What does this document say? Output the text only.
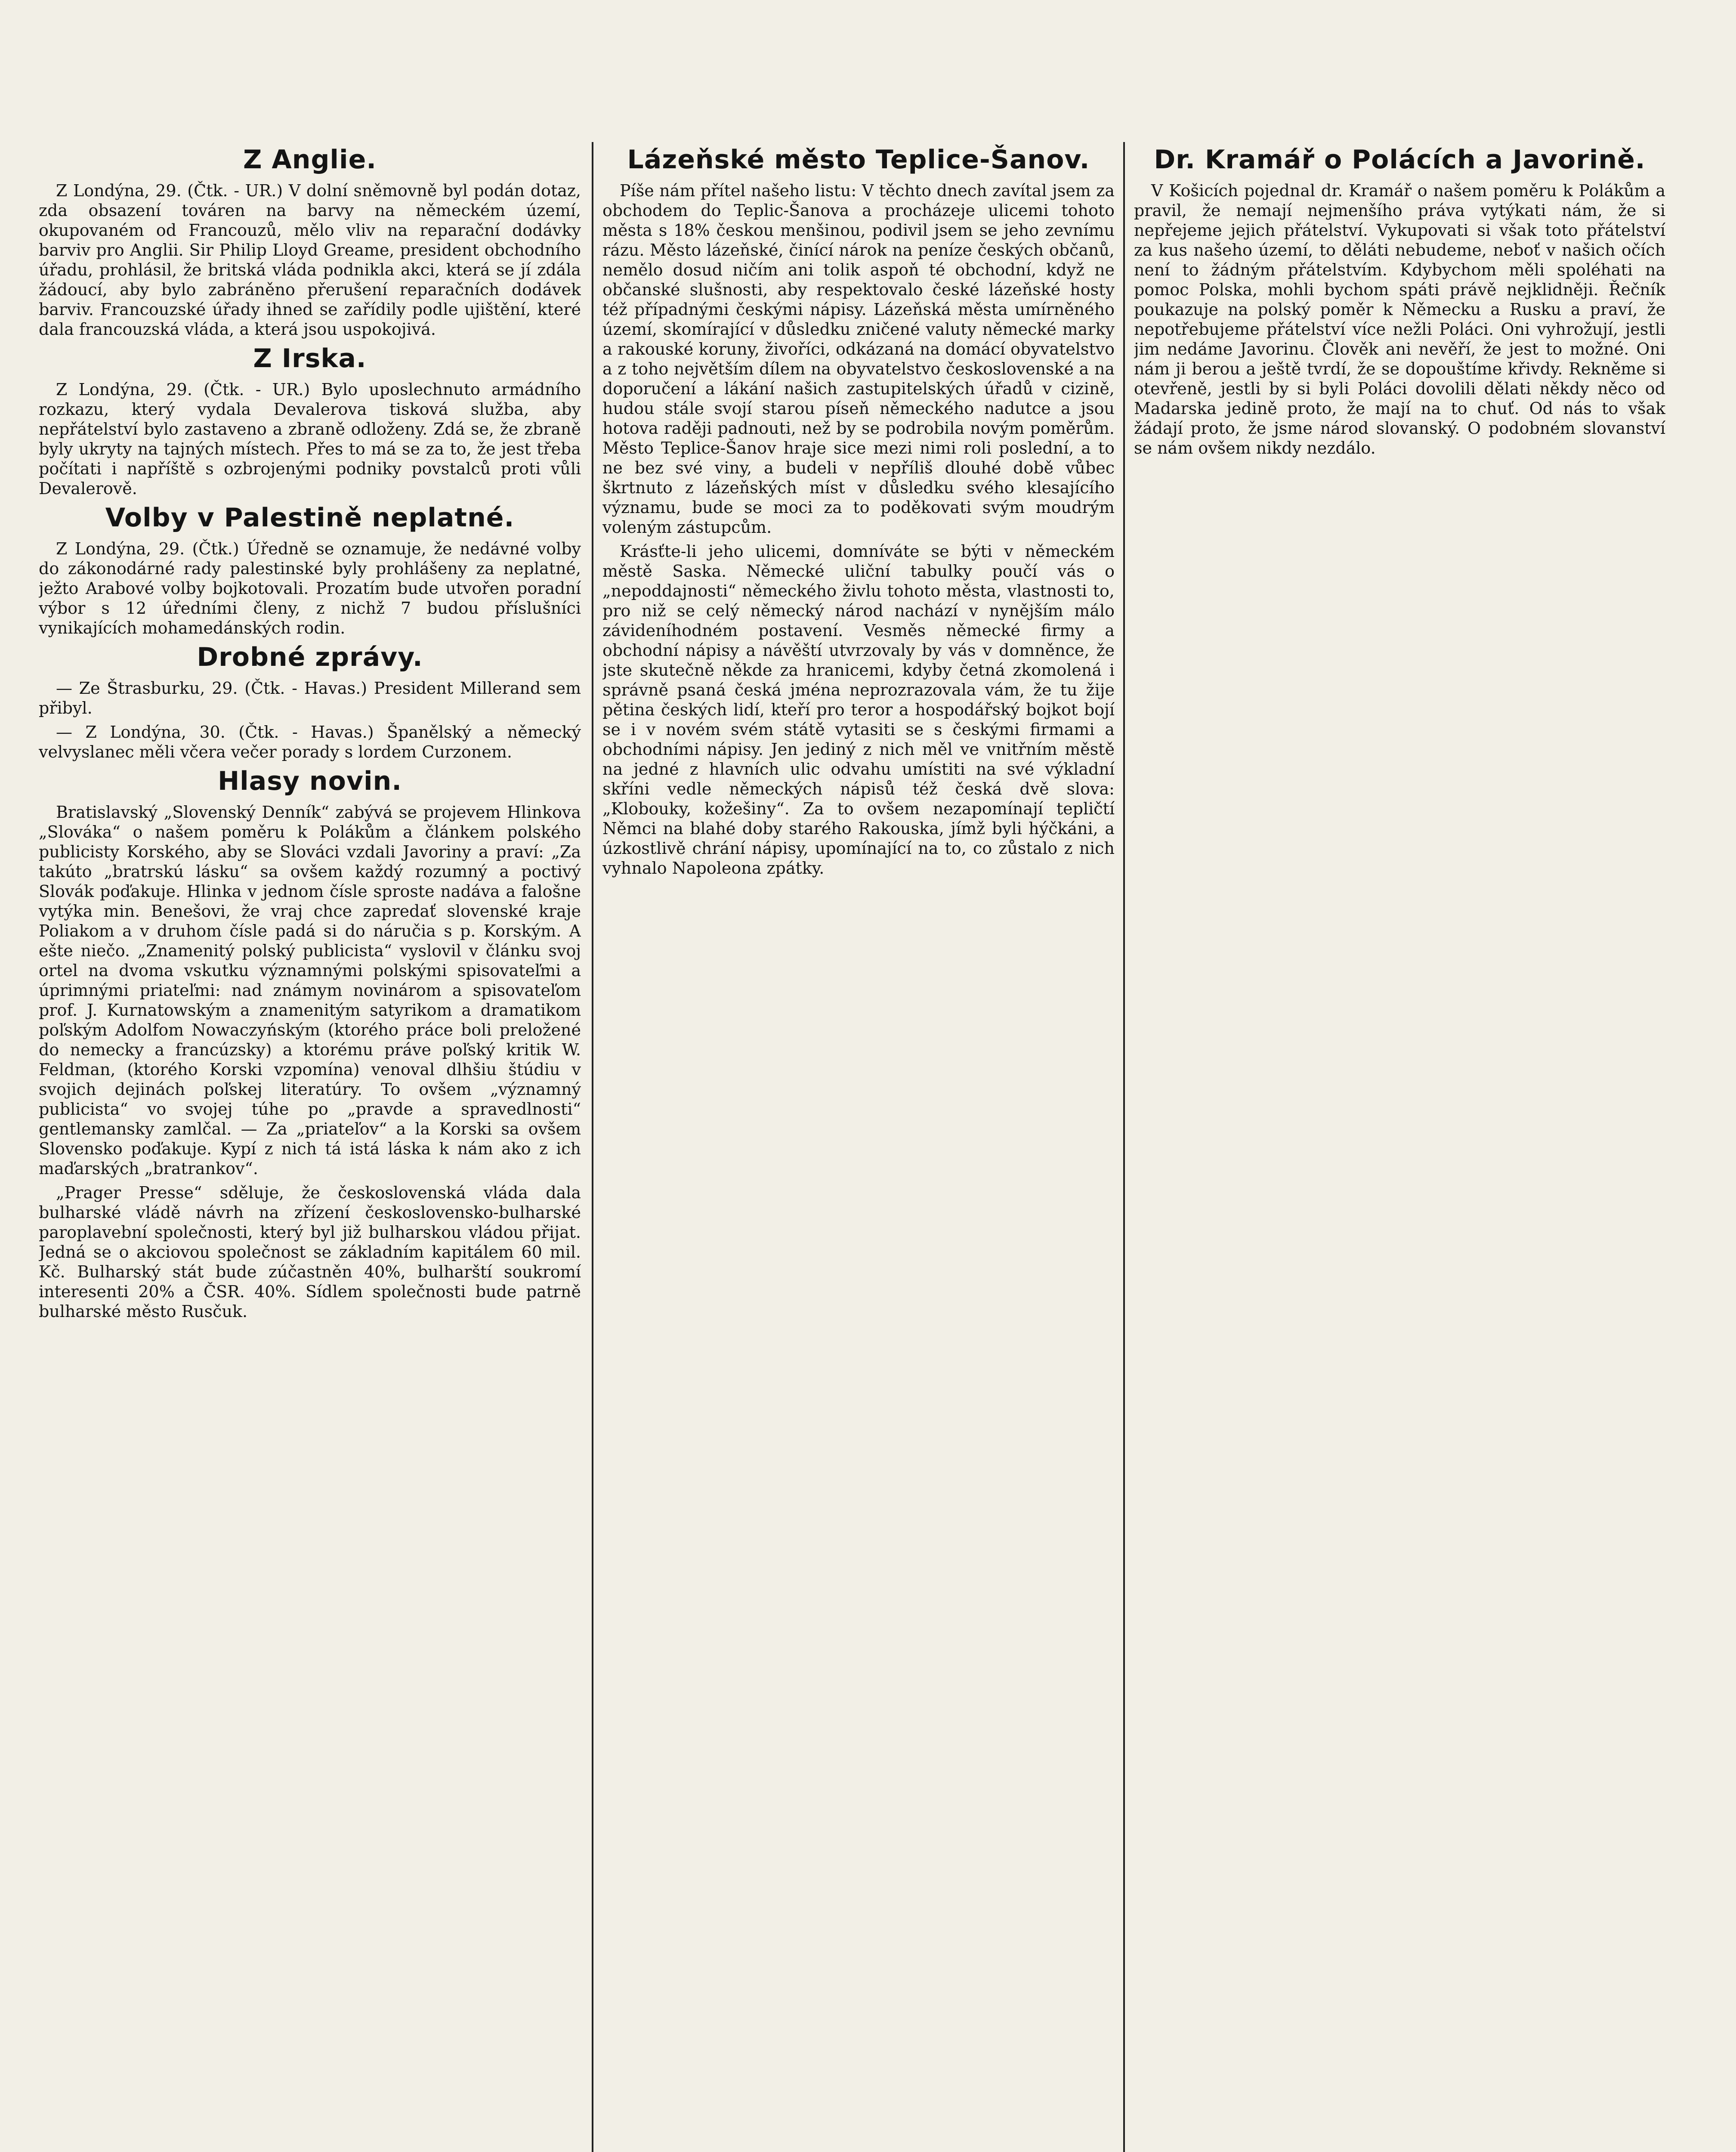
Z Anglie.

Z Londýna, 29. (Čtk. - UR.) V dolní sněmovně byl podán dotaz, zda obsazení továren na barvy na německém území, okupovaném od Francouzů, mělo vliv na reparační dodávky barviv pro Anglii. Sir Philip Lloyd Greame, president obchodního úřadu, prohlásil, že britská vláda podnikla akci, která se jí zdála žádoucí, aby bylo zabráněno přerušení reparačních dodávek barviv. Francouzské úřady ihned se zařídily podle ujištění, které dala francouzská vláda, a která jsou uspokojivá.

Z Irska.

Z Londýna, 29. (Čtk. - UR.) Bylo uposlechnuto armádního rozkazu, který vydala Devalerova tisková služba, aby nepřátelství bylo zastaveno a zbraně odloženy. Zdá se, že zbraně byly ukryty na tajných místech. Přes to má se za to, že jest třeba počítati i napříště s ozbrojenými podniky povstalců proti vůli Devalerově.

Volby v Palestině neplatné.

Z Londýna, 29. (Čtk.) Úředně se oznamuje, že nedávné volby do zákonodárné rady palestinské byly prohlášeny za neplatné, ježto Arabové volby bojkotovali. Prozatím bude utvořen poradní výbor s 12 úředními členy, z nichž 7 budou příslušníci vynikajících mohamedánských rodin.

Drobné zprávy.

— Ze Štrasburku, 29. (Čtk. - Havas.) President Millerand sem přibyl.

— Z Londýna, 30. (Čtk. - Havas.) Španělský a německý velvyslanec měli včera večer porady s lordem Curzonem.

Hlasy novin.

Bratislavský „Slovenský Denník“ zabývá se projevem Hlinkova „Slováka“ o našem poměru k Polákům a článkem polského publicisty Korského, aby se Slováci vzdali Javoriny a praví: „Za takúto „bratrskú lásku“ sa ovšem každý rozumný a poctivý Slovák poďakuje. Hlinka v jednom čísle sproste nadáva a falošne vytýka min. Benešovi, že vraj chce zapredať slovenské kraje Poliakom a v druhom čísle padá si do náručia s p. Korským. A ešte niečo. „Znamenitý polský publicista“ vyslovil v článku svoj ortel na dvoma vskutku významnými polskými spisovateľmi a úprimnými priateľmi: nad známym novinárom a spisovateľom prof. J. Kurnatowským a znamenitým satyrikom a dramatikom poľským Adolfom Nowaczyńským (ktorého práce boli preložené do nemecky a francúzsky) a ktorému práve poľský kritik W. Feldman, (ktorého Korski vzpomína) venoval dlhšiu štúdiu v svojich dejinách poľskej literatúry. To ovšem „významný publicista“ vo svojej túhe po „pravde a spravedlnosti“ gentlemansky zamlčal. — Za „priateľov“ a la Korski sa ovšem Slovensko poďakuje. Kypí z nich tá istá láska k nám ako z ich maďarských „bratrankov“.

„Prager Presse“ sděluje, že československá vláda dala bulharské vládě návrh na zřízení československo-bulharské paroplavební společnosti, který byl již bulharskou vládou přijat. Jedná se o akciovou společnost se základním kapitálem 60 mil. Kč. Bulharský stát bude zúčastněn 40%, bulharští soukromí interesenti 20% a ČSR. 40%. Sídlem společnosti bude patrně bulharské město Rusčuk.

Lázeňské město Teplice-Šanov.

Píše nám přítel našeho listu: V těchto dnech zavítal jsem za obchodem do Teplic-Šanova a procházeje ulicemi tohoto města s 18% českou menšinou, podivil jsem se jeho zevnímu rázu. Město lázeňské, činící nárok na peníze českých občanů, nemělo dosud ničím ani tolik aspoň té obchodní, když ne občanské slušnosti, aby respektovalo české lázeňské hosty též případnými českými nápisy. Lázeňská města umírněného území, skomírající v důsledku zničené valuty německé marky a rakouské koruny, živoříci, odkázaná na domácí obyvatelstvo a z toho největším dílem na obyvatelstvo československé a na doporučení a lákání našich zastupitelských úřadů v cizině, hudou stále svojí starou píseň německého nadutce a jsou hotova raději padnouti, než by se podrobila novým poměrům. Město Teplice-Šanov hraje sice mezi nimi roli poslední, a to ne bez své viny, a budeli v nepříliš dlouhé době vůbec škrtnuto z lázeňských míst v důsledku svého klesajícího významu, bude se moci za to poděkovati svým moudrým voleným zástupcům.

Krásťte-li jeho ulicemi, domníváte se býti v německém městě Saska. Německé uliční tabulky poučí vás o „nepoddajnosti“ německého živlu tohoto města, vlastnosti to, pro niž se celý německý národ nachází v nynějším málo závideníhodném postavení. Vesměs německé firmy a obchodní nápisy a návěští utvrzovaly by vás v domněnce, že jste skutečně někde za hranicemi, kdyby četná zkomolená i správně psaná česká jména neprozrazovala vám, že tu žije pětina českých lidí, kteří pro teror a hospodářský bojkot bojí se i v novém svém státě vytasiti se s českými firmami a obchodními nápisy. Jen jediný z nich měl ve vnitřním městě na jedné z hlavních ulic odvahu umístiti na své výkladní skříni vedle německých nápisů též česká dvě slova: „Klobouky, kožešiny“. Za to ovšem nezapomínají tepličtí Němci na blahé doby starého Rakouska, jímž byli hýčkáni, a úzkostlivě chrání nápisy, upomínající na to, co zůstalo z nich vyhnalo Napoleona zpátky.

Dr. Kramář o Polácích a Javorině.

V Košicích pojednal dr. Kramář o našem poměru k Polákům a pravil, že nemají nejmenšího práva vytýkati nám, že si nepřejeme jejich přátelství. Vykupovati si však toto přátelství za kus našeho území, to děláti nebudeme, neboť v našich očích není to žádným přátelstvím. Kdybychom měli spoléhati na pomoc Polska, mohli bychom spáti právě nejklidněji. Řečník poukazuje na polský poměr k Německu a Rusku a praví, že nepotřebujeme přátelství více nežli Poláci. Oni vyhrožují, jestli jim nedáme Javorinu. Člověk ani nevěří, že jest to možné. Oni nám ji berou a ještě tvrdí, že se dopouštíme křivdy. Rekněme si otevřeně, jestli by si byli Poláci dovolili dělati někdy něco od Madarska jedině proto, že mají na to chuť. Od nás to však žádají proto, že jsme národ slovanský. O podobném slovanství se nám ovšem nikdy nezdálo.
